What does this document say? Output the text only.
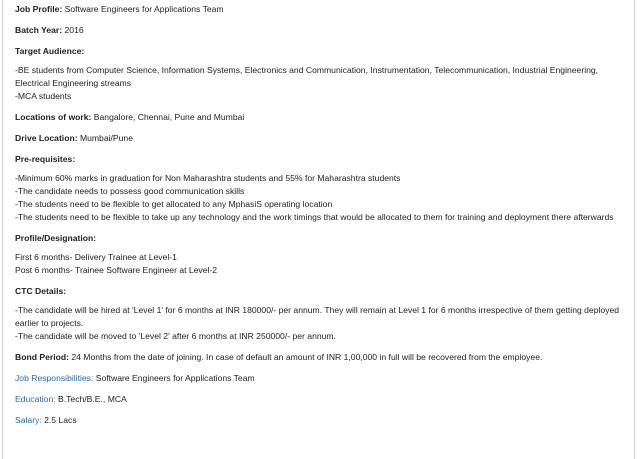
Job Profile: Software Engineers for Applications Team
Batch Year: 2016
Target Audience:
-BE students from Computer Science, Information Systems, Electronics and Communication, Instrumentation, Telecommunication, Industrial Engineering, Electrical Engineering streams
-MCA students
Locations of work: Bangalore, Chennai, Pune and Mumbai
Drive Location: Mumbai/Pune
Pre-requisites:
-Minimum 60% marks in graduation for Non Maharashtra students and 55% for Maharashtra students
-The candidate needs to possess good communication skills
-The students need to be flexible to get allocated to any MphasiS operating location
-The students need to be flexible to take up any technology and the work timings that would be allocated to them for training and deployment there afterwards
Profile/Designation:
First 6 months- Delivery Trainee at Level-1
Post 6 months- Trainee Software Engineer at Level-2
CTC Details:
-The candidate will be hired at 'Level 1' for 6 months at INR 180000/- per annum. They will remain at Level 1 for 6 months irrespective of them getting deployed earlier to projects.
-The candidate will be moved to 'Level 2' after 6 months at INR 250000/- per annum.
Bond Period: 24 Months from the date of joining. In case of default an amount of INR 1,00,000 in full will be recovered from the employee.
Job Responsibilities: Software Engineers for Applications Team
Education: B.Tech/B.E., MCA
Salary: 2.5 Lacs
